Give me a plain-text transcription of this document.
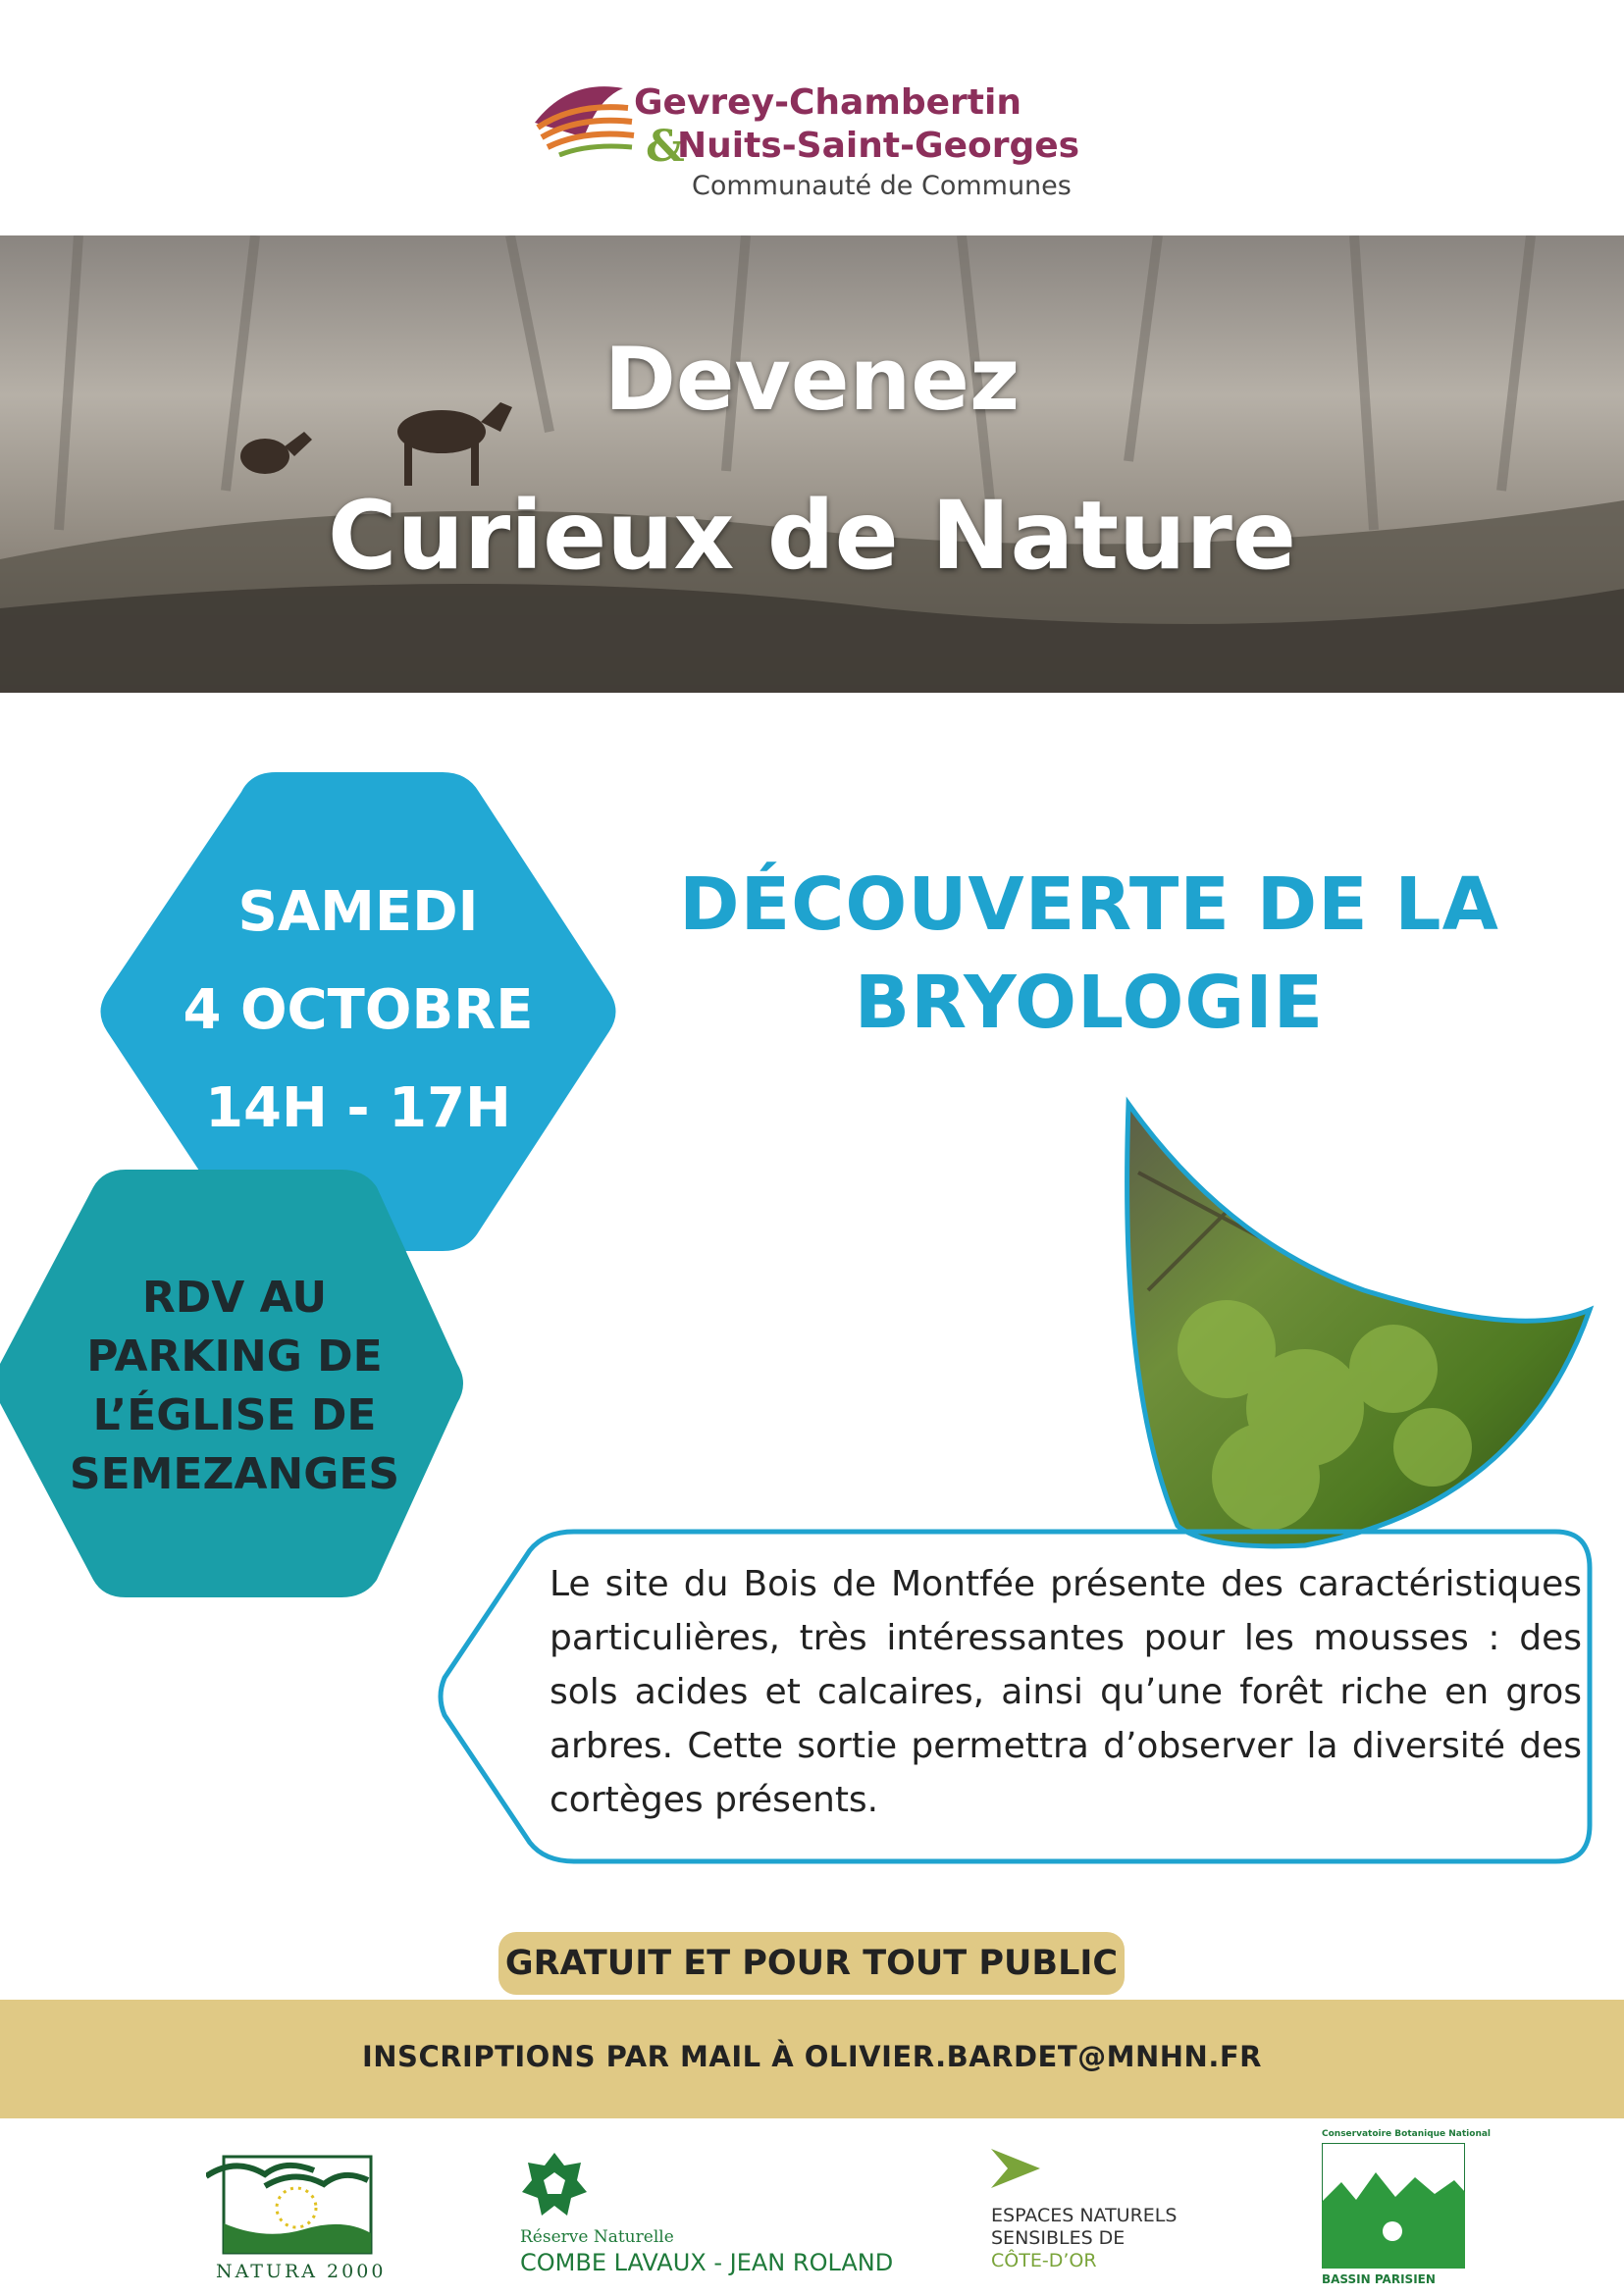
Gevrey-Chambertin
&
Nuits-Saint-Georges
Communauté de Communes
Devenez
Curieux de Nature
SAMEDI
4 OCTOBRE
14H - 17H
RDV AU
PARKING DE
L’ÉGLISE DE
SEMEZANGES
DÉCOUVERTE DE LA
BRYOLOGIE
Le site du Bois de Montfée présente des caractéristiques particulières, très intéressantes pour les mousses : des sols acides et calcaires, ainsi qu’une forêt riche en gros arbres. Cette sortie permettra d’observer la diversité des cortèges présents.
GRATUIT ET POUR TOUT PUBLIC
INSCRIPTIONS PAR MAIL À OLIVIER.BARDET@MNHN.FR
NATURA 2000
Réserve Naturelle
COMBE LAVAUX - JEAN ROLAND
ESPACES NATURELS
SENSIBLES DE
CÔTE-D’OR
Conservatoire Botanique National
BASSIN PARISIEN
